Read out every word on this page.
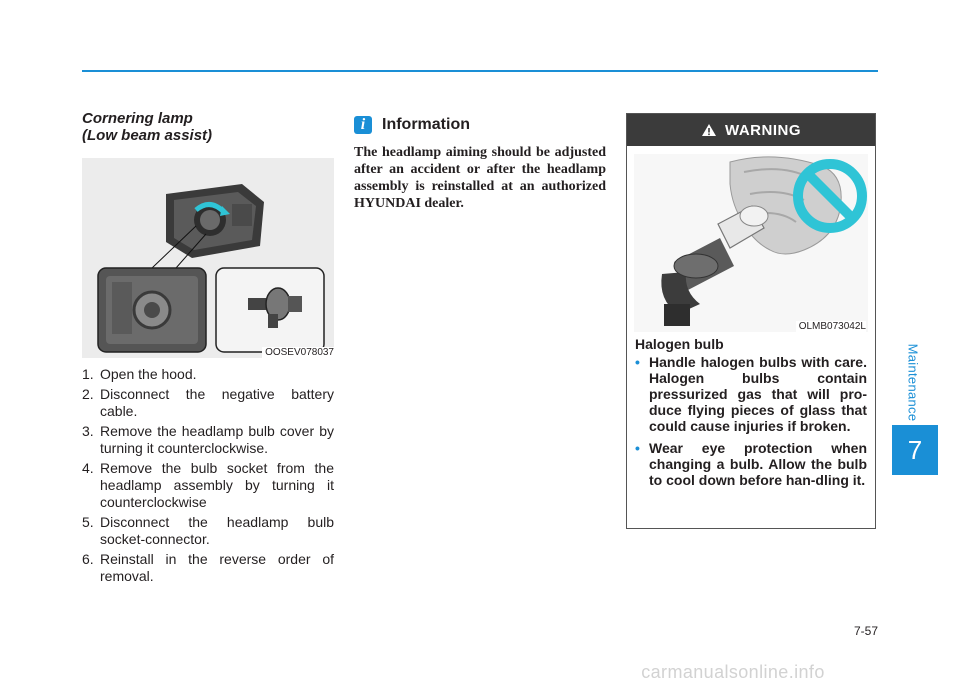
Cornering lamp
(Low beam assist)
OOSEV078037
1. Open the hood.
2. Disconnect the negative battery cable.
3. Remove the headlamp bulb cover by turning it counterclockwise.
4. Remove the bulb socket from the headlamp assembly by turning it counterclockwise
5. Disconnect the headlamp bulb socket-connector.
6. Reinstall in the reverse order of removal.
i	Information

The headlamp aiming should be adjusted after an accident or after the headlamp assembly is reinstalled at an authorized HYUNDAI dealer.

WARNING
OLMB073042L

Halogen bulb

• Handle halogen bulbs with care. Halogen bulbs contain pressurized gas that will pro-duce flying pieces of glass that could cause injuries if broken.
• Wear eye protection when changing a bulb. Allow the bulb to cool down before han-dling it.
Maintenance
7
7-57
carmanualsonline.info
